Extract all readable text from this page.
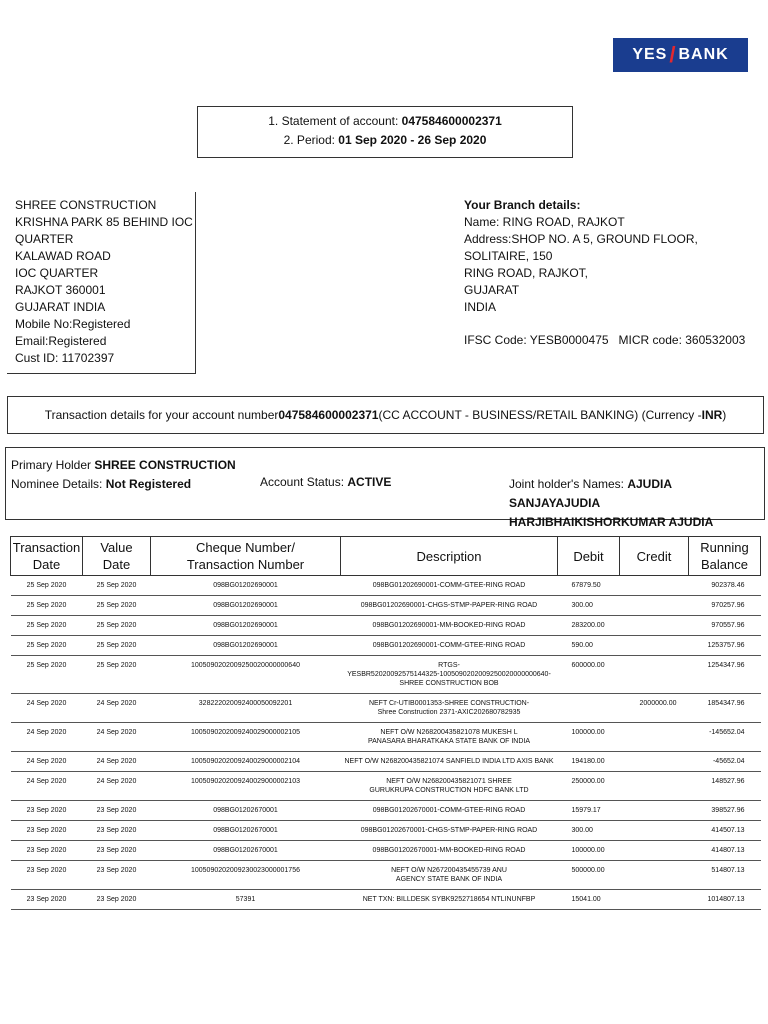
YES / BANK
1. Statement of account: 047584600002371
2. Period: 01 Sep 2020 - 26 Sep 2020
SHREE CONSTRUCTION
KRISHNA PARK 85 BEHIND IOC
QUARTER
KALAWAD ROAD
IOC QUARTER
RAJKOT 360001
GUJARAT INDIA
Mobile No:Registered
Email:Registered
Cust ID: 11702397
Your Branch details:
Name: RING ROAD, RAJKOT
Address:SHOP NO. A 5, GROUND FLOOR,
SOLITAIRE, 150
RING ROAD, RAJKOT,
GUJARAT
INDIA
IFSC Code: YESB0000475 MICR code: 360532003
Transaction details for your account number 047584600002371 (CC ACCOUNT - BUSINESS/RETAIL BANKING) (Currency - INR )
Primary Holder SHREE CONSTRUCTION
Nominee Details: Not Registered	Account Status: ACTIVE	Joint holder's Names: AJUDIA SANJAYAJUDIA
HARJIBHAIKISHORKUMAR AJUDIA
Transaction
Date	Value
Date	Cheque Number/
Transaction Number	Description	Debit	Credit	Running
Balance
25 Sep 2020	25 Sep 2020	098BG01202690001	098BG01202690001-COMM-GTEE-RING ROAD	67879.50		902378.46
25 Sep 2020	25 Sep 2020	098BG01202690001	098BG01202690001-CHGS-STMP-PAPER-RING ROAD	300.00		970257.96
25 Sep 2020	25 Sep 2020	098BG01202690001	098BG01202690001-MM-BOOKED-RING ROAD	283200.00		970557.96
25 Sep 2020	25 Sep 2020	098BG01202690001	098BG01202690001-COMM-GTEE-RING ROAD	590.00		1253757.96
25 Sep 2020	25 Sep 2020	1005090202009250020000000640	RTGS-
YESBR52020092575144325-1005090202009250020000000640-
SHREE CONSTRUCTION BOB	600000.00		1254347.96
24 Sep 2020	24 Sep 2020	328222020092400050092201	NEFT Cr-UTIB0001353-SHREE CONSTRUCTION-
Shree Construction 2371-AXIC202680782935		2000000.00	1854347.96
24 Sep 2020	24 Sep 2020	1005090202009240029000002105	NEFT O/W N268200435821078 MUKESH L
PANASARA BHARATKAKA STATE BANK OF INDIA	100000.00		-145652.04
24 Sep 2020	24 Sep 2020	1005090202009240029000002104	NEFT O/W N268200435821074 SANFIELD INDIA LTD AXIS BANK	194180.00		-45652.04
24 Sep 2020	24 Sep 2020	1005090202009240029000002103	NEFT O/W N268200435821071 SHREE
GURUKRUPA CONSTRUCTION HDFC BANK LTD	250000.00		148527.96
23 Sep 2020	23 Sep 2020	098BG01202670001	098BG01202670001-COMM-GTEE-RING ROAD	15979.17		398527.96
23 Sep 2020	23 Sep 2020	098BG01202670001	098BG01202670001-CHGS-STMP-PAPER-RING ROAD	300.00		414507.13
23 Sep 2020	23 Sep 2020	098BG01202670001	098BG01202670001-MM-BOOKED-RING ROAD	100000.00		414807.13
23 Sep 2020	23 Sep 2020	1005090202009230023000001756	NEFT O/W N267200435455739 ANU
AGENCY STATE BANK OF INDIA	500000.00		514807.13
23 Sep 2020	23 Sep 2020	57391	NET TXN: BILLDESK SYBK9252718654 NTLINUNFBP	15041.00		1014807.13
